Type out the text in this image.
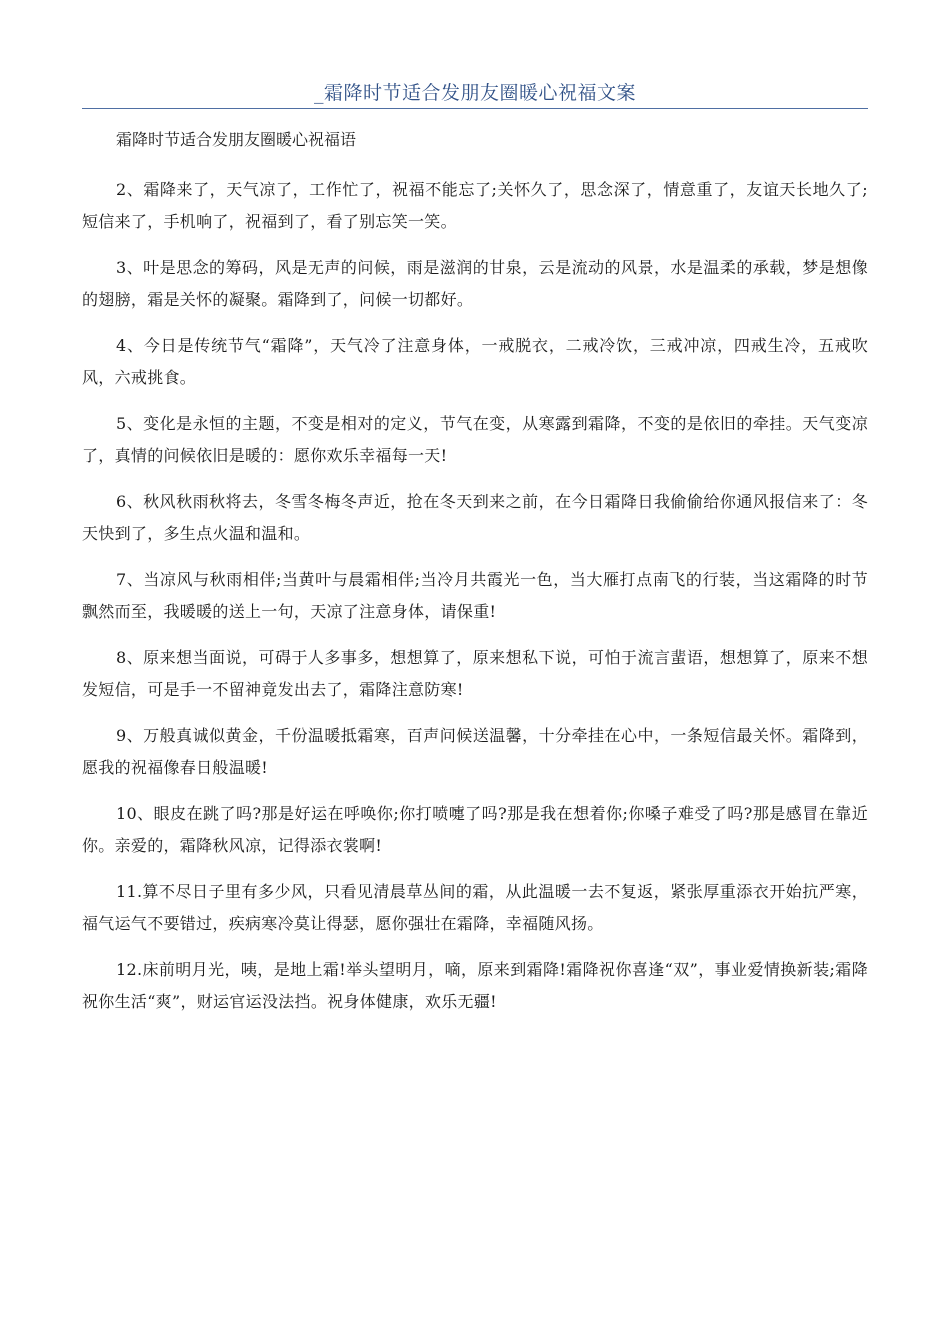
_霜降时节适合发朋友圈暖心祝福文案

霜降时节适合发朋友圈暖心祝福语

2、霜降来了，天气凉了，工作忙了，祝福不能忘了;关怀久了，思念深了，情意重了，友谊天长地久了;短信来了，手机响了，祝福到了，看了别忘笑一笑。

3、叶是思念的筹码，风是无声的问候，雨是滋润的甘泉，云是流动的风景，水是温柔的承载，梦是想像的翅膀，霜是关怀的凝聚。霜降到了，问候一切都好。

4、今日是传统节气“霜降”，天气冷了注意身体，一戒脱衣，二戒冷饮，三戒冲凉，四戒生冷，五戒吹风，六戒挑食。

5、变化是永恒的主题，不变是相对的定义，节气在变，从寒露到霜降，不变的是依旧的牵挂。天气变凉了，真情的问候依旧是暖的：愿你欢乐幸福每一天!

6、秋风秋雨秋将去，冬雪冬梅冬声近，抢在冬天到来之前，在今日霜降日我偷偷给你通风报信来了：冬天快到了，多生点火温和温和。

7、当凉风与秋雨相伴;当黄叶与晨霜相伴;当冷月共霞光一色，当大雁打点南飞的行装，当这霜降的时节飘然而至，我暖暖的送上一句，天凉了注意身体，请保重!

8、原来想当面说，可碍于人多事多，想想算了，原来想私下说，可怕于流言蜚语，想想算了，原来不想发短信，可是手一不留神竟发出去了，霜降注意防寒!

9、万般真诚似黄金，千份温暖抵霜寒，百声问候送温馨，十分牵挂在心中，一条短信最关怀。霜降到，愿我的祝福像春日般温暖!

10、眼皮在跳了吗?那是好运在呼唤你;你打喷嚏了吗?那是我在想着你;你嗓子难受了吗?那是感冒在靠近你。亲爱的，霜降秋风凉，记得添衣裳啊!

11.算不尽日子里有多少风，只看见清晨草丛间的霜，从此温暖一去不复返，紧张厚重添衣开始抗严寒，福气运气不要错过，疾病寒冷莫让得瑟，愿你强壮在霜降，幸福随风扬。

12.床前明月光，咦，是地上霜!举头望明月，嘀，原来到霜降!霜降祝你喜逢“双”，事业爱情换新装;霜降祝你生活“爽”，财运官运没法挡。祝身体健康，欢乐无疆!
